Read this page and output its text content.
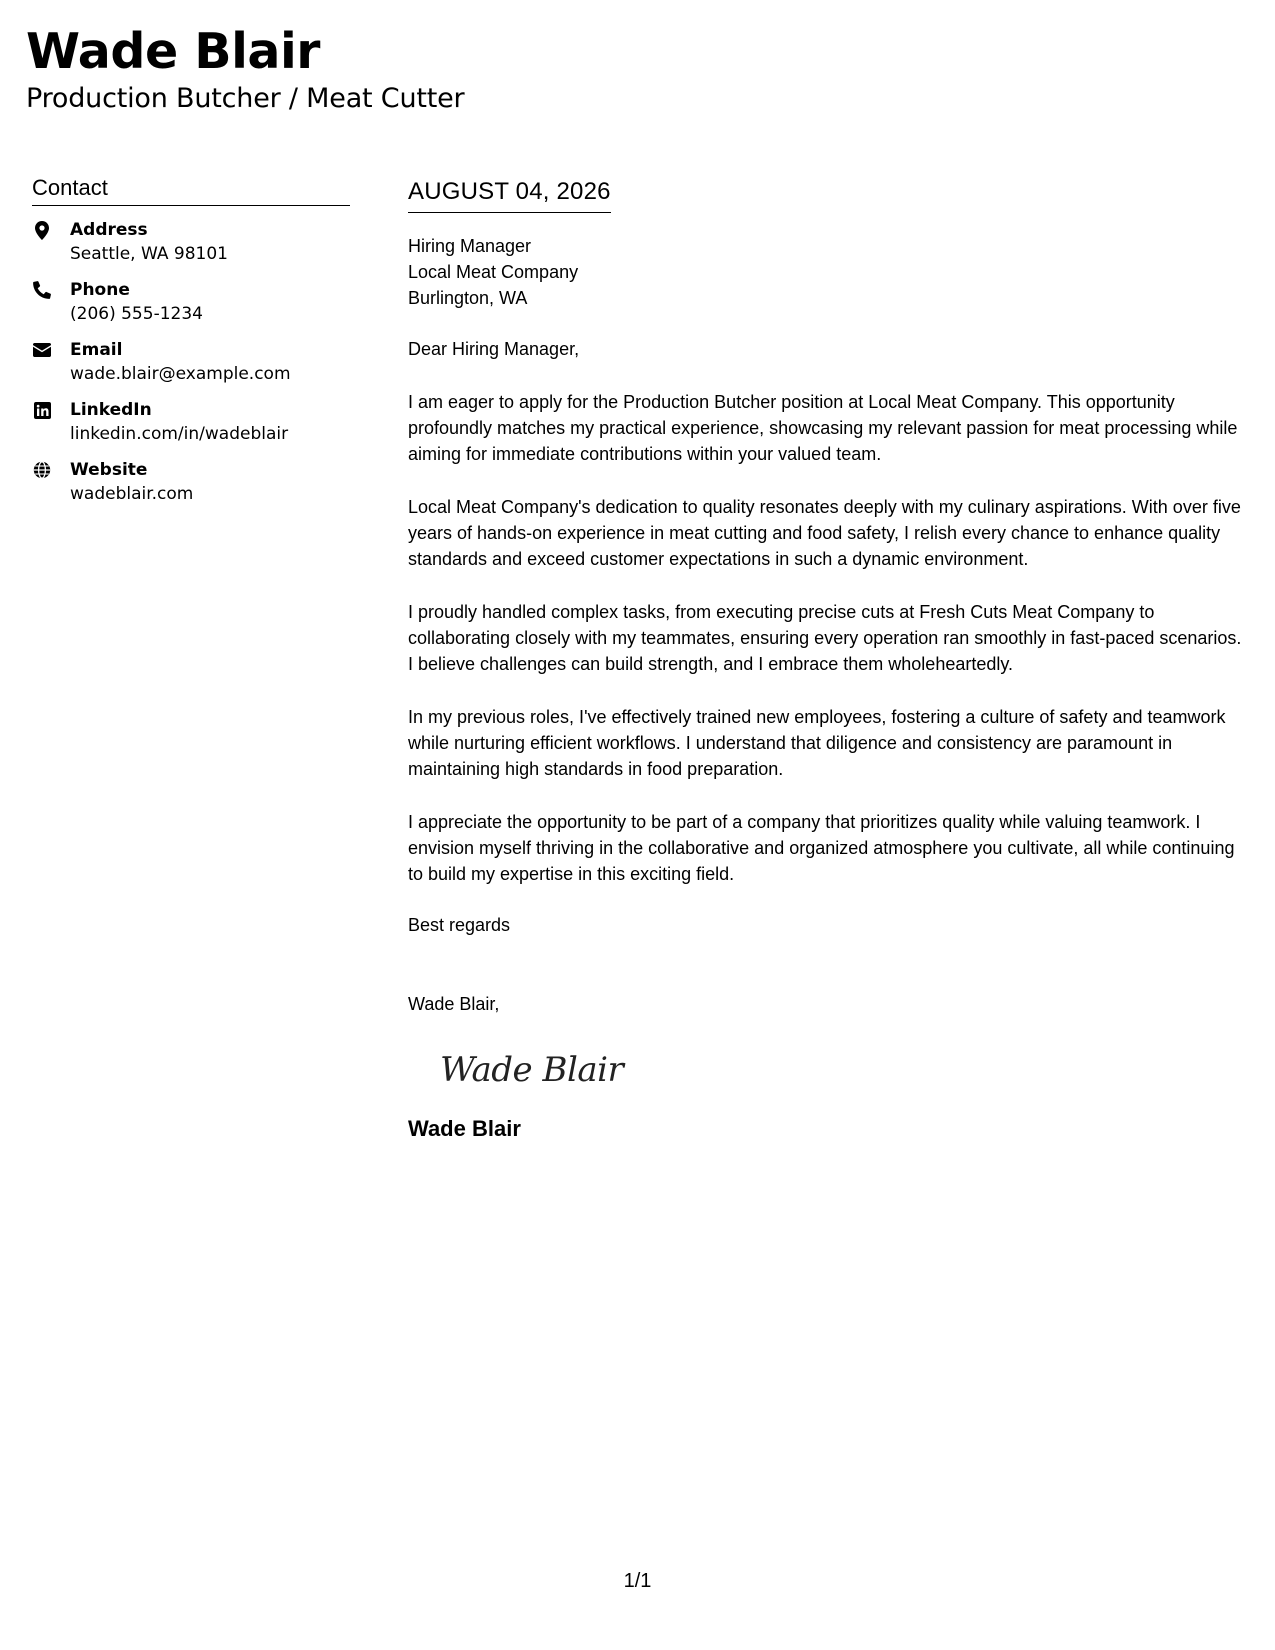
Wade Blair
Production Butcher / Meat Cutter
Contact
Address
Seattle, WA 98101
Phone
(206) 555-1234
Email
wade.blair@example.com
LinkedIn
linkedin.com/in/wadeblair
Website
wadeblair.com
AUGUST 04, 2026
Hiring Manager
Local Meat Company
Burlington, WA
Dear Hiring Manager,
I am eager to apply for the Production Butcher position at Local Meat Company. This opportunity profoundly matches my practical experience, showcasing my relevant passion for meat processing while aiming for immediate contributions within your valued team.
Local Meat Company's dedication to quality resonates deeply with my culinary aspirations. With over five years of hands-on experience in meat cutting and food safety, I relish every chance to enhance quality standards and exceed customer expectations in such a dynamic environment.
I proudly handled complex tasks, from executing precise cuts at Fresh Cuts Meat Company to collaborating closely with my teammates, ensuring every operation ran smoothly in fast-paced scenarios. I believe challenges can build strength, and I embrace them wholeheartedly.
In my previous roles, I've effectively trained new employees, fostering a culture of safety and teamwork while nurturing efficient workflows. I understand that diligence and consistency are paramount in maintaining high standards in food preparation.
I appreciate the opportunity to be part of a company that prioritizes quality while valuing teamwork. I envision myself thriving in the collaborative and organized atmosphere you cultivate, all while continuing to build my expertise in this exciting field.
Best regards
Wade Blair,
Wade Blair
Wade Blair
1/1
